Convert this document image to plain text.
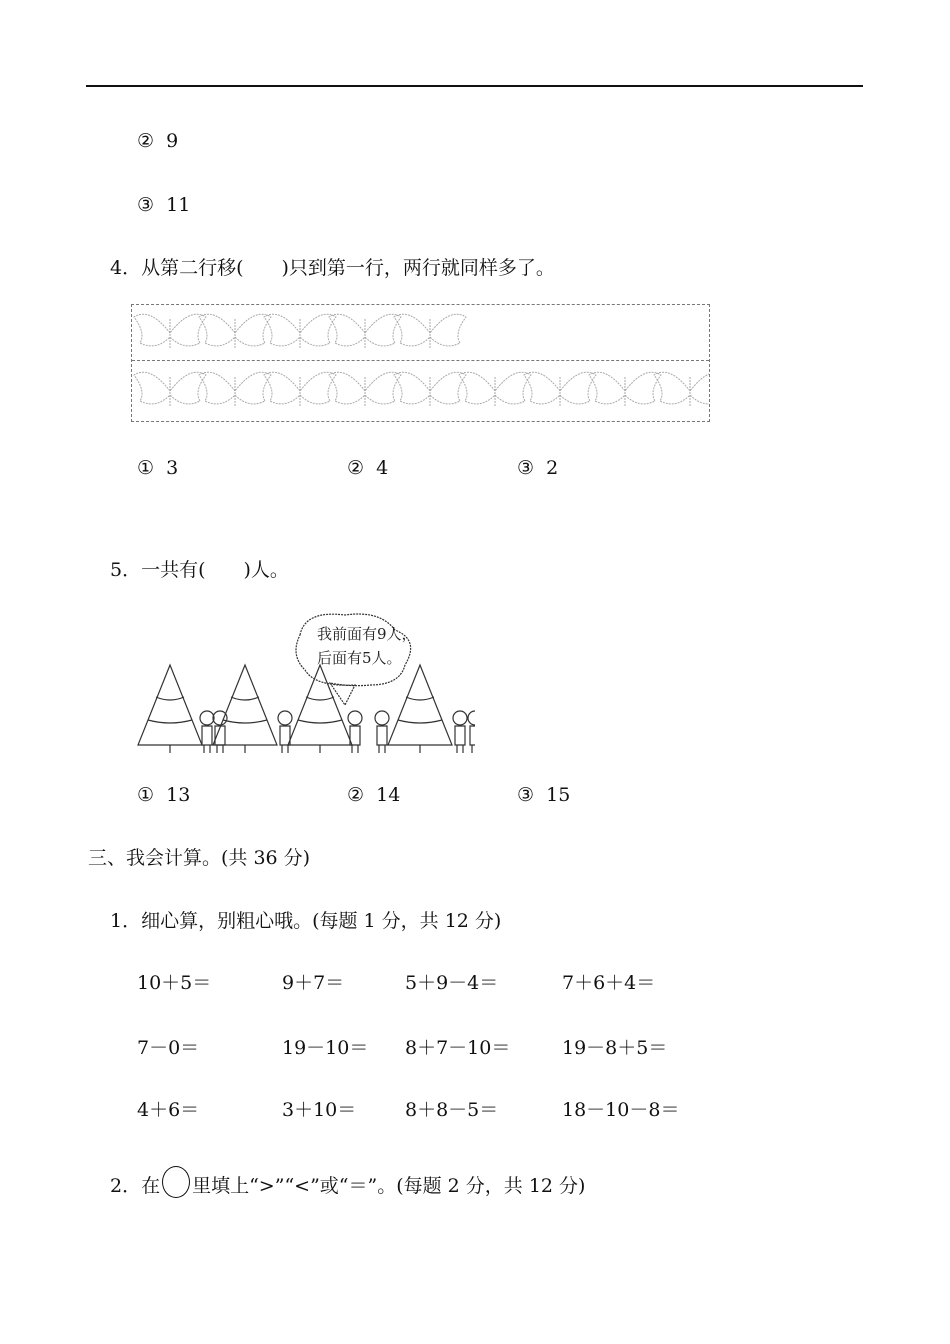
② 9
③ 11
4．从第二行移(　　)只到第一行，两行就同样多了。
① 3	② 4	③ 2
5．一共有(　　)人。
我前面有9人，
后面有5人。
① 13	② 14	③ 15
三、我会计算。(共 36 分)
1．细心算，别粗心哦。(每题 1 分，共 12 分)
10＋5＝	9＋7＝	5＋9－4＝	7＋6＋4＝
7－0＝	19－10＝ 8＋7－10＝	19－8＋5＝
4＋6＝	3＋10＝	8＋8－5＝	18－10－8＝
2．在 里填上“>”“<”或“＝”。(每题 2 分，共 12 分)
